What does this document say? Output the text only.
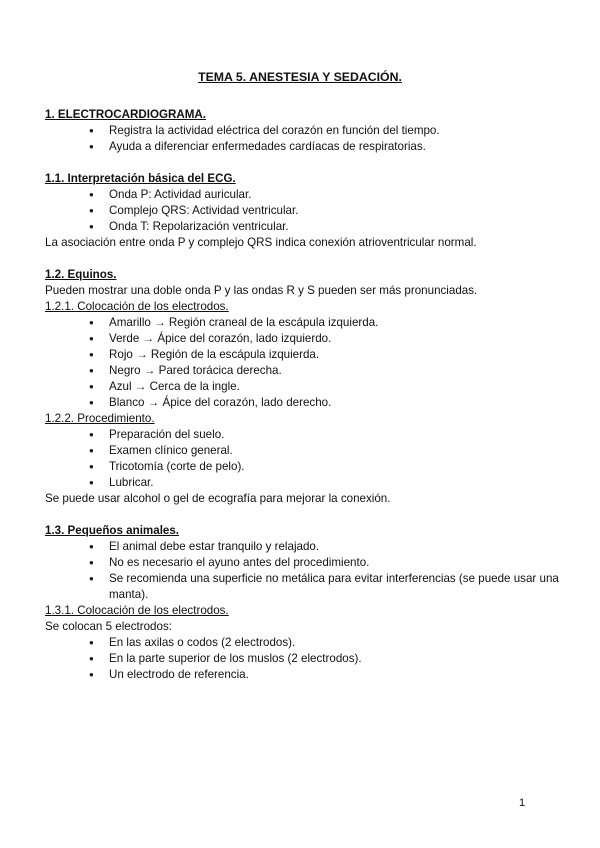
TEMA 5. ANESTESIA Y SEDACIÓN.
1. ELECTROCARDIOGRAMA.
● Registra la actividad eléctrica del corazón en función del tiempo.
● Ayuda a diferenciar enfermedades cardíacas de respiratorias.
1.1. Interpretación básica del ECG.
● Onda P: Actividad auricular.
● Complejo QRS: Actividad ventricular.
● Onda T: Repolarización ventricular.
La asociación entre onda P y complejo QRS indica conexión atrioventricular normal.
1.2. Equinos.
Pueden mostrar una doble onda P y las ondas R y S pueden ser más pronunciadas.
1.2.1. Colocación de los electrodos.
● Amarillo → Región craneal de la escápula izquierda.
● Verde → Ápice del corazón, lado izquierdo.
● Rojo → Región de la escápula izquierda.
● Negro → Pared torácica derecha.
● Azul → Cerca de la ingle.
● Blanco → Ápice del corazón, lado derecho.
1.2.2. Procedimiento.
● Preparación del suelo.
● Examen clínico general.
● Tricotomía (corte de pelo).
● Lubricar.
Se puede usar alcohol o gel de ecografía para mejorar la conexión.
1.3. Pequeños animales.
● El animal debe estar tranquilo y relajado.
● No es necesario el ayuno antes del procedimiento.
● Se recomienda una superficie no metálica para evitar interferencias (se puede usar una manta).
1.3.1. Colocación de los electrodos.
Se colocan 5 electrodos:
● En las axilas o codos (2 electrodos).
● En la parte superior de los muslos (2 electrodos).
● Un electrodo de referencia.
1
